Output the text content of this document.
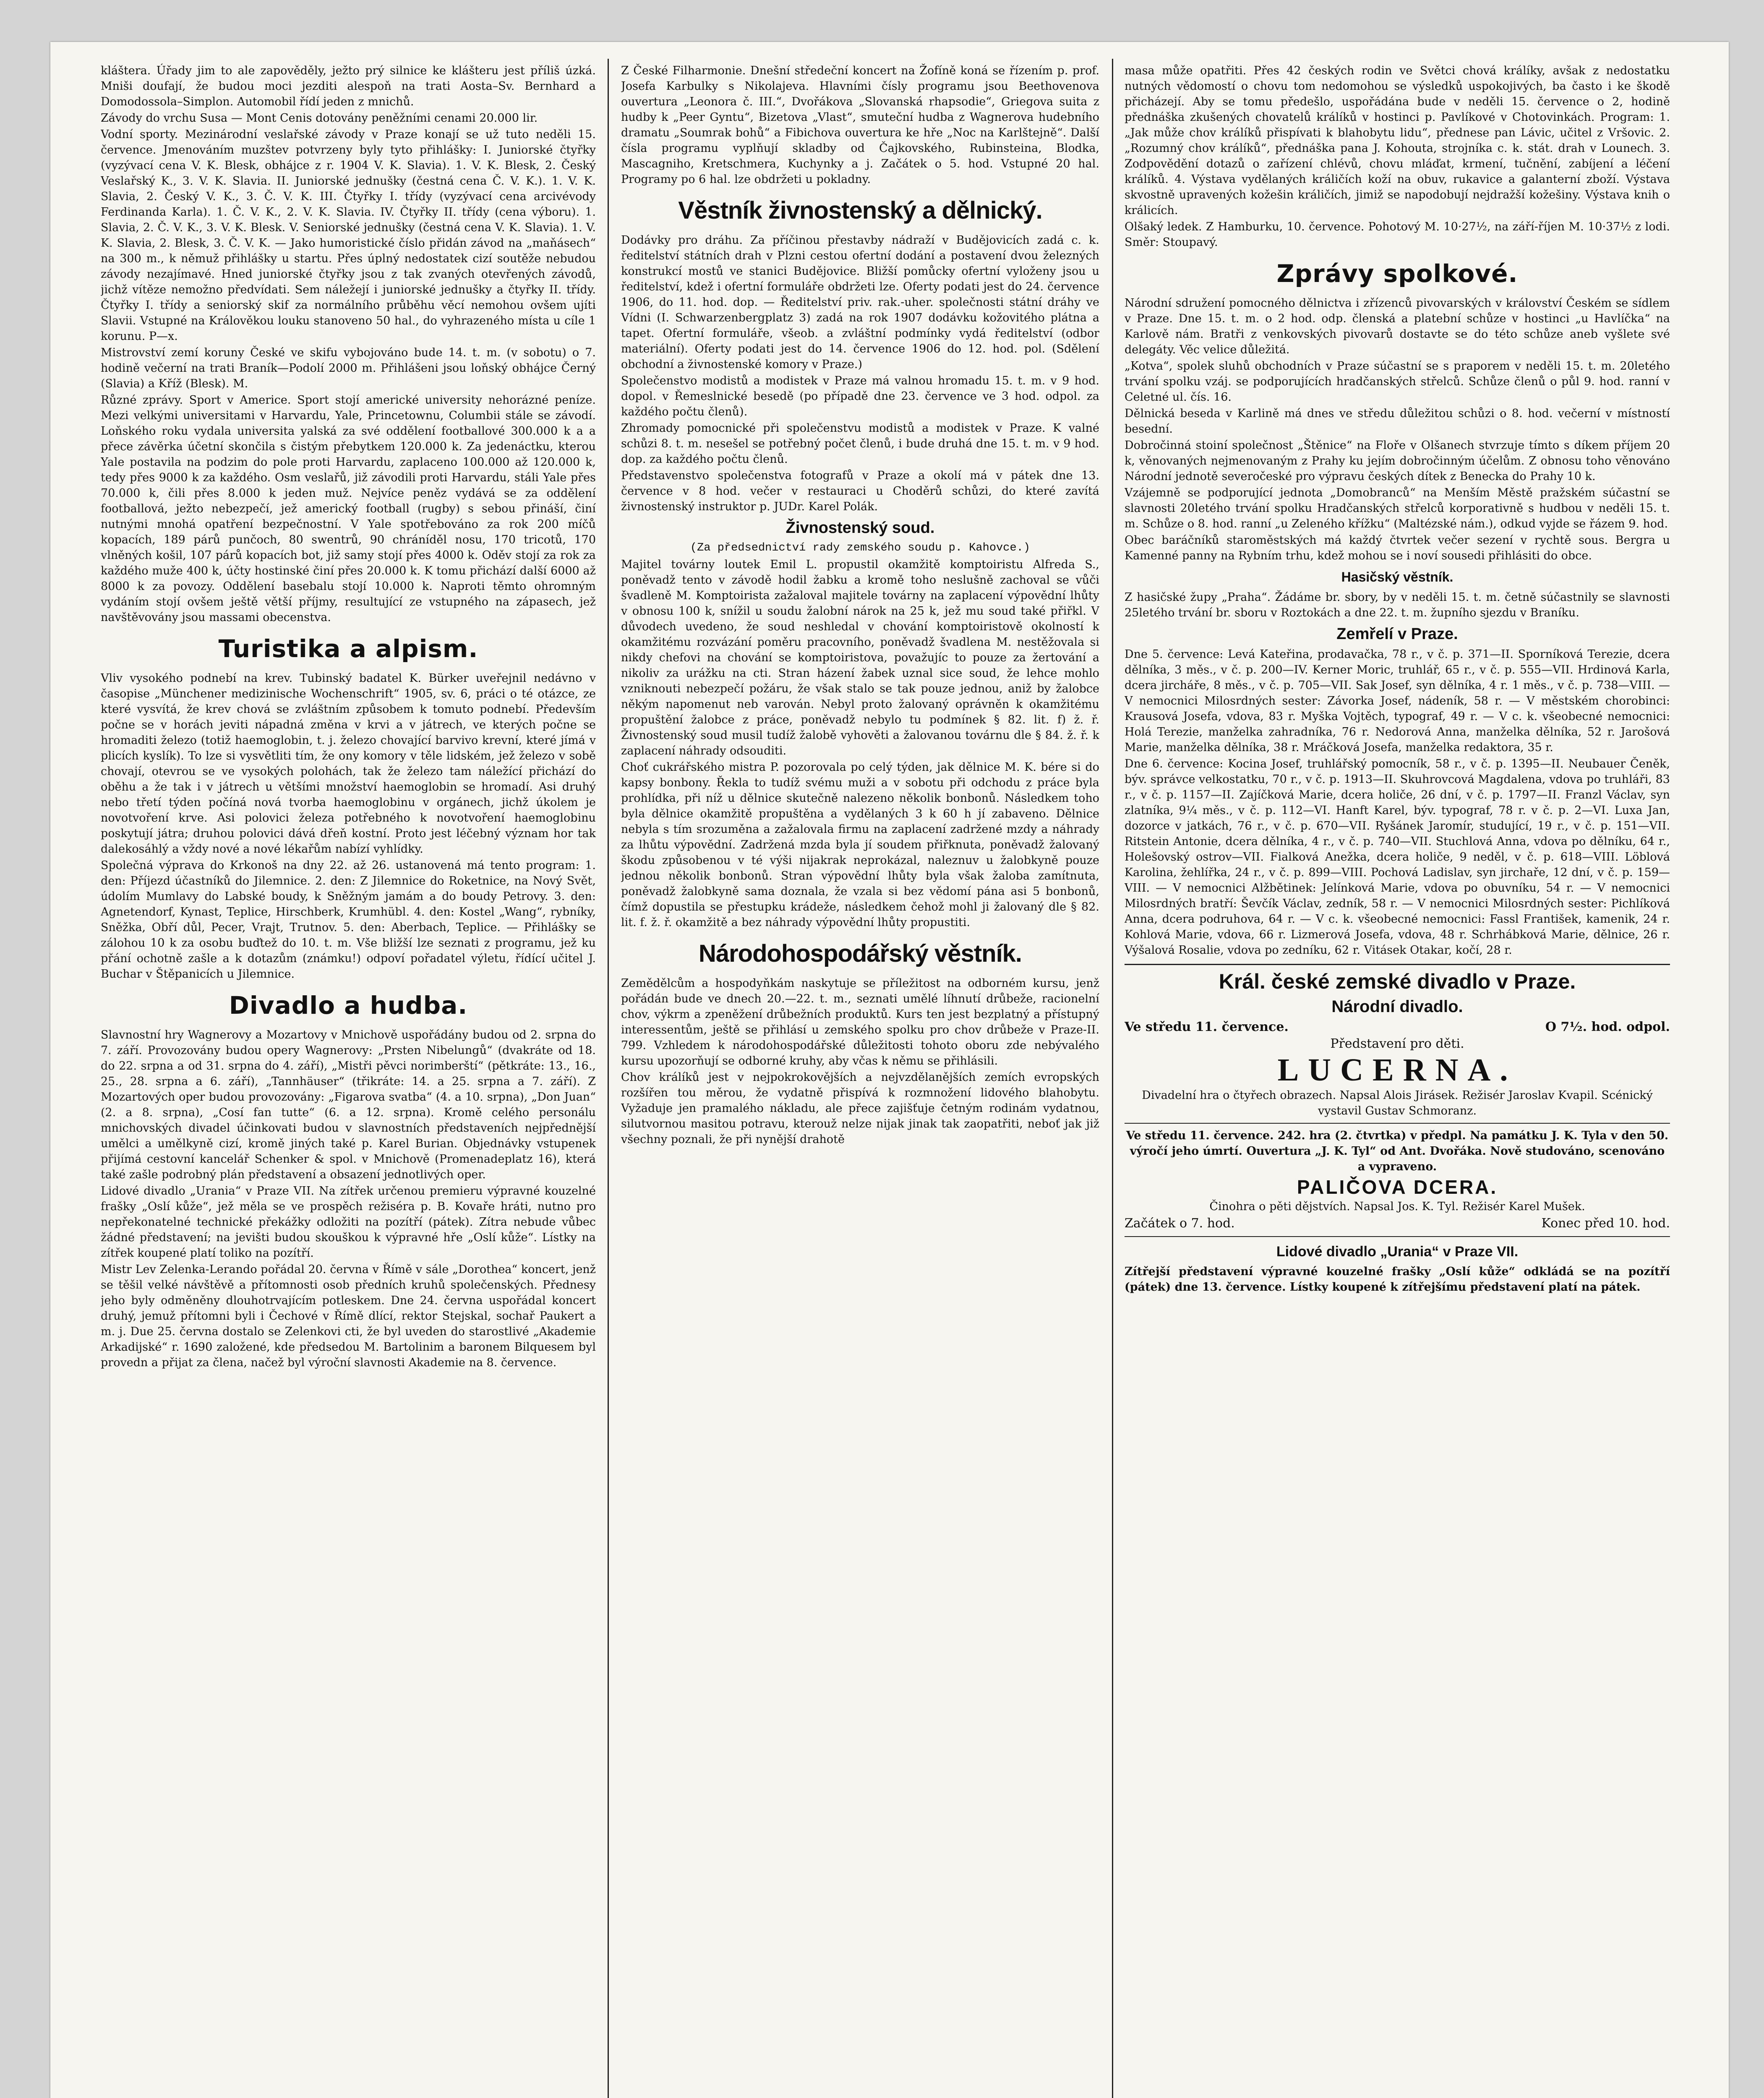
kláštera. Úřady jim to ale zapověděly, ježto prý silnice ke klášteru jest příliš úzká. Mniši doufají, že budou moci jezditi alespoň na trati Aosta–Sv. Bernhard a Domodossola–Simplon. Automobil řídí jeden z mnichů.

Závody do vrchu Susa — Mont Cenis dotovány peněžními cenami 20.000 lir.

Vodní sporty. Mezinárodní veslařské závody v Praze konají se už tuto neděli 15. července. Jmenováním muzštev potvrzeny byly tyto přihlášky: I. Juniorské čtyřky (vyzývací cena V. K. Blesk, obhájce z r. 1904 V. K. Slavia). 1. V. K. Blesk, 2. Český Veslařský K., 3. V. K. Slavia. II. Juniorské jednušky (čestná cena Č. V. K.). 1. V. K. Slavia, 2. Český V. K., 3. Č. V. K. III. Čtyřky I. třídy (vyzývací cena arcivévody Ferdinanda Karla). 1. Č. V. K., 2. V. K. Slavia. IV. Čtyřky II. třídy (cena výboru). 1. Slavia, 2. Č. V. K., 3. V. K. Blesk. V. Seniorské jednušky (čestná cena V. K. Slavia). 1. V. K. Slavia, 2. Blesk, 3. Č. V. K. — Jako humoristické číslo přidán závod na „maňásech“ na 300 m., k němuž přihlášky u startu. Přes úplný nedostatek cizí soutěže nebudou závody nezajímavé. Hned juniorské čtyřky jsou z tak zvaných otevřených závodů, jichž vítěze nemožno předvídati. Sem náležejí i juniorské jednušky a čtyřky II. třídy. Čtyřky I. třídy a seniorský skif za normálního průběhu věcí nemohou ovšem ujíti Slavii. Vstupné na Králověkou louku stanoveno 50 hal., do vyhrazeného místa u cíle 1 korunu. P—x.

Mistrovství zemí koruny České ve skifu vybojováno bude 14. t. m. (v sobotu) o 7. hodině večerní na trati Braník—Podolí 2000 m. Přihlášeni jsou loňský obhájce Černý (Slavia) a Kříž (Blesk). M.

Různé zprávy. Sport v Americe. Sport stojí americké university nehorázné peníze. Mezi velkými universitami v Harvardu, Yale, Princetownu, Columbii stále se závodí. Loňského roku vydala universita yalská za své oddělení footballové 300.000 k a a přece závěrka účetní skončila s čistým přebytkem 120.000 k. Za jedenáctku, kterou Yale postavila na podzim do pole proti Harvardu, zaplaceno 100.000 až 120.000 k, tedy přes 9000 k za každého. Osm veslařů, již závodili proti Harvardu, stáli Yale přes 70.000 k, čili přes 8.000 k jeden muž. Nejvíce peněz vydává se za oddělení footballová, ježto nebezpečí, jež americký football (rugby) s sebou přináší, činí nutnými mnohá opatření bezpečnostní. V Yale spotřebováno za rok 200 míčů kopacích, 189 párů punčoch, 80 swentrů, 90 chráníděl nosu, 170 tricotů, 170 vlněných košil, 107 párů kopacích bot, již samy stojí přes 4000 k. Oděv stojí za rok za každého muže 400 k, účty hostinské činí přes 20.000 k. K tomu přichází další 6000 až 8000 k za povozy. Oddělení basebalu stojí 10.000 k. Naproti těmto ohromným vydáním stojí ovšem ještě větší příjmy, resultující ze vstupného na zápasech, jež navštěvovány jsou massami obecenstva.

Turistika a alpism.

Vliv vysokého podnebí na krev. Tubinský badatel K. Bürker uveřejnil nedávno v časopise „Münchener medizinische Wochenschrift“ 1905, sv. 6, práci o té otázce, ze které vysvítá, že krev chová se zvláštním způsobem k tomuto podnebí. Především počne se v horách jeviti nápadná změna v krvi a v játrech, ve kterých počne se hromaditi železo (totiž haemoglobin, t. j. železo chovající barvivo krevní, které jímá v plicích kyslík). To lze si vysvětliti tím, že ony komory v těle lidském, jež železo v sobě chovají, otevrou se ve vysokých polohách, tak že železo tam náležící přichází do oběhu a že tak i v játrech u většími množství haemoglobin se hromadí. Asi druhý nebo třetí týden počíná nová tvorba haemoglobinu v orgánech, jichž úkolem je novotvoření krve. Asi polovici železa potřebného k novotvoření haemoglobinu poskytují játra; druhou polovici dává dřeň kostní. Proto jest léčebný význam hor tak dalekosáhlý a vždy nové a nové lékařům nabízí vyhlídky.

Společná výprava do Krkonoš na dny 22. až 26. ustanovená má tento program: 1. den: Příjezd účastníků do Jilemnice. 2. den: Z Jilemnice do Roketnice, na Nový Svět, údolím Mumlavy do Labské boudy, k Sněžným jamám a do boudy Petrovy. 3. den: Agnetendorf, Kynast, Teplice, Hirschberk, Krumhübl. 4. den: Kostel „Wang“, rybníky, Sněžka, Obří důl, Pecer, Vrajt, Trutnov. 5. den: Aberbach, Teplice. — Přihlášky se zálohou 10 k za osobu buďtež do 10. t. m. Vše bližší lze seznati z programu, jež ku přání ochotně zašle a k dotazům (známku!) odpoví pořadatel výletu, řídící učitel J. Buchar v Štěpanicích u Jilemnice.

Divadlo a hudba.

Slavnostní hry Wagnerovy a Mozartovy v Mnichově uspořádány budou od 2. srpna do 7. září. Provozovány budou opery Wagnerovy: „Prsten Nibelungů“ (dvakráte od 18. do 22. srpna a od 31. srpna do 4. září), „Mistři pěvci norimberští“ (pětkráte: 13., 16., 25., 28. srpna a 6. září), „Tannhäuser“ (třikráte: 14. a 25. srpna a 7. září). Z Mozartových oper budou provozovány: „Figarova svatba“ (4. a 10. srpna), „Don Juan“ (2. a 8. srpna), „Cosí fan tutte“ (6. a 12. srpna). Kromě celého personálu mnichovských divadel účinkovati budou v slavnostních představeních nejpřednější umělci a umělkyně cizí, kromě jiných také p. Karel Burian. Objednávky vstupenek přijímá cestovní kancelář Schenker & spol. v Mnichově (Promenadeplatz 16), která také zašle podrobný plán představení a obsazení jednotlivých oper.

Lidové divadlo „Urania“ v Praze VII. Na zítřek určenou premieru výpravné kouzelné frašky „Oslí kůže“, jež měla se ve prospěch režiséra p. B. Kovaře hráti, nutno pro nepřekonatelné technické překážky odložiti na pozítří (pátek). Zítra nebude vůbec žádné představení; na jevišti budou skouškou k výpravné hře „Oslí kůže“. Lístky na zítřek koupené platí toliko na pozítří.

Mistr Lev Zelenka-Lerando pořádal 20. června v Římě v sále „Dorothea“ koncert, jenž se těšil velké návštěvě a přítomnosti osob předních kruhů společenských. Přednesy jeho byly odměněny dlouhotrvajícím potleskem. Dne 24. června uspořádal koncert druhý, jemuž přítomni byli i Čechové v Římě dlící, rektor Stejskal, sochař Paukert a m. j. Due 25. června dostalo se Zelenkovi cti, že byl uveden do starostlivé „Akademie Arkadijské“ r. 1690 založené, kde předsedou M. Bartolinim a baronem Bilquesem byl provedn a přijat za člena, načež byl výroční slavnosti Akademie na 8. července.

Z České Filharmonie. Dnešní středeční koncert na Žofíně koná se řízením p. prof. Josefa Karbulky s Nikolajeva. Hlavními čísly programu jsou Beethovenova ouvertura „Leonora č. III.“, Dvořákova „Slovanská rhapsodie“, Griegova suita z hudby k „Peer Gyntu“, Bizetova „Vlast“, smuteční hudba z Wagnerova hudebního dramatu „Soumrak bohů“ a Fibichova ouvertura ke hře „Noc na Karlštejně“. Další čísla programu vyplňují skladby od Čajkovského, Rubinsteina, Blodka, Mascagniho, Kretschmera, Kuchynky a j. Začátek o 5. hod. Vstupné 20 hal. Programy po 6 hal. lze obdržeti u pokladny.

Věstník živnostenský a dělnický.

Dodávky pro dráhu. Za příčinou přestavby nádraží v Budějovicích zadá c. k. ředitelství státních drah v Plzni cestou ofertní dodání a postavení dvou železných konstrukcí mostů ve stanici Budějovice. Bližší pomůcky ofertní vyloženy jsou u ředitelství, kdež i ofertní formuláře obdržeti lze. Oferty podati jest do 24. července 1906, do 11. hod. dop. — Ředitelství priv. rak.-uher. společnosti státní dráhy ve Vídni (I. Schwarzenbergplatz 3) zadá na rok 1907 dodávku kožovitého plátna a tapet. Ofertní formuláře, všeob. a zvláštní podmínky vydá ředitelství (odbor materiální). Oferty podati jest do 14. července 1906 do 12. hod. pol. (Sdělení obchodní a živnostenské komory v Praze.)

Společenstvo modistů a modistek v Praze má valnou hromadu 15. t. m. v 9 hod. dopol. v Řemeslnické besedě (po případě dne 23. července ve 3 hod. odpol. za každého počtu členů).

Zhromady pomocnické při společenstvu modistů a modistek v Praze. K valné schůzi 8. t. m. nesešel se potřebný počet členů, i bude druhá dne 15. t. m. v 9 hod. dop. za každého počtu členů.

Představenstvo společenstva fotografů v Praze a okolí má v pátek dne 13. července v 8 hod. večer v restauraci u Choděrů schůzi, do které zavítá živnostenský instruktor p. JUDr. Karel Polák.

Živnostenský soud.

(Za předsednictví rady zemského soudu p. Kahovce.)

Majitel továrny loutek Emil L. propustil okamžitě komptoiristu Alfreda S., poněvadž tento v závodě hodil žabku a kromě toho neslušně zachoval se vůči švadleně M. Komptoirista zažaloval majitele továrny na zaplacení výpovědní lhůty v obnosu 100 k, snížil u soudu žalobní nárok na 25 k, jež mu soud také přiřkl. V důvodech uvedeno, že soud neshledal v chování komptoiristově okolností k okamžitému rozvázání poměru pracovního, poněvadž švadlena M. nestěžovala si nikdy chefovi na chování se komptoiristova, považujíc to pouze za žertování a nikoliv za urážku na cti. Stran házení žabek uznal sice soud, že lehce mohlo vzniknouti nebezpečí požáru, že však stalo se tak pouze jednou, aniž by žalobce někým napomenut neb varován. Nebyl proto žalovaný oprávněn k okamžitému propuštění žalobce z práce, poněvadž nebylo tu podmínek § 82. lit. f) ž. ř. Živnostenský soud musil tudíž žalobě vyhověti a žalovanou továrnu dle § 84. ž. ř. k zaplacení náhrady odsouditi.

Choť cukrářského mistra P. pozorovala po celý týden, jak dělnice M. K. bére si do kapsy bonbony. Řekla to tudíž svému muži a v sobotu při odchodu z práce byla prohlídka, při níž u dělnice skutečně nalezeno několik bonbonů. Následkem toho byla dělnice okamžitě propuštěna a vydělaných 3 k 60 h jí zabaveno. Dělnice nebyla s tím srozuměna a zažalovala firmu na zaplacení zadržené mzdy a náhrady za lhůtu výpovědní. Zadržená mzda byla jí soudem přiřknuta, poněvadž žalovaný škodu způsobenou v té výši nijakrak neprokázal, naleznuv u žalobkyně pouze jednou několik bonbonů. Stran výpovědní lhůty byla však žaloba zamítnuta, poněvadž žalobkyně sama doznala, že vzala si bez vědomí pána asi 5 bonbonů, čímž dopustila se přestupku krádeže, následkem čehož mohl ji žalovaný dle § 82. lit. f. ž. ř. okamžitě a bez náhrady výpovědní lhůty propustiti.

Národohospodářský věstník.

Zemědělcům a hospodyňkám naskytuje se příležitost na odborném kursu, jenž pořádán bude ve dnech 20.—22. t. m., seznati umělé líhnutí drůbeže, racionelní chov, výkrm a zpeněžení drůbežních produktů. Kurs ten jest bezplatný a přístupný interessentům, ještě se přihlásí u zemského spolku pro chov drůbeže v Praze-II. 799. Vzhledem k národohospodářské důležitosti tohoto oboru zde nebývalého kursu upozorňují se odborné kruhy, aby včas k němu se přihlásili.

Chov králíků jest v nejpokrokovějších a nejvzdělanějších zemích evropských rozšířen tou měrou, že vydatně přispívá k rozmnožení lidového blahobytu. Vyžaduje jen pramalého nákladu, ale přece zajišťuje četným rodinám vydatnou, silutvornou masitou potravu, kterouž nelze nijak jinak tak zaopatřiti, neboť jak již všechny poznali, že při nynější drahotě

masa může opatřiti. Přes 42 českých rodin ve Světci chová králíky, avšak z nedostatku nutných vědomostí o chovu tom nedomohou se výsledků uspokojivých, ba často i ke škodě přicházejí. Aby se tomu předešlo, uspořádána bude v neděli 15. července o 2, hodině přednáška zkušených chovatelů králíků v hostinci p. Pavlíkové v Chotovinkách. Program: 1. „Jak může chov králíků přispívati k blahobytu lidu“, přednese pan Lávic, učitel z Vršovic. 2. „Rozumný chov králíků“, přednáška pana J. Kohouta, strojníka c. k. stát. drah v Lounech. 3. Zodpovědění dotazů o zařízení chlévů, chovu mláďat, krmení, tučnění, zabíjení a léčení králíků. 4. Výstava vydělaných králičích koží na obuv, rukavice a galanterní zboží. Výstava skvostně upravených kožešin králičích, jimiž se napodobují nejdražší kožešiny. Výstava knih o králicích.

Olšaký ledek. Z Hamburku, 10. července. Pohotový M. 10·27½, na září-říjen M. 10·37½ z lodi. Směr: Stoupavý.

Zprávy spolkové.

Národní sdružení pomocného dělnictva i zřízenců pivovarských v království Českém se sídlem v Praze. Dne 15. t. m. o 2 hod. odp. členská a platební schůze v hostinci „u Havlíčka“ na Karlově nám. Bratři z venkovských pivovarů dostavte se do této schůze aneb vyšlete své delegáty. Věc velice důležitá.

„Kotva“, spolek sluhů obchodních v Praze súčastní se s praporem v neděli 15. t. m. 20letého trvání spolku vzáj. se podporujících hradčanských střelců. Schůze členů o půl 9. hod. ranní v Celetné ul. čís. 16.

Dělnická beseda v Karlině má dnes ve středu důležitou schůzi o 8. hod. večerní v místností besední.

Dobročinná stoiní společnost „Štěnice“ na Floře v Olšanech stvrzuje tímto s díkem příjem 20 k, věnovaných nejmenovaným z Prahy ku jejím dobročinným účelům. Z obnosu toho věnováno Národní jednotě severočeské pro výpravu českých dítek z Benecka do Prahy 10 k.

Vzájemně se podporující jednota „Domobranců“ na Menším Městě pražském súčastní se slavnosti 20letého trvání spolku Hradčanských střelců korporativně s hudbou v neděli 15. t. m. Schůze o 8. hod. ranní „u Zeleného křížku“ (Maltézské nám.), odkud vyjde se řázem 9. hod.

Obec baráčníků staroměstských má každý čtvrtek večer sezení v rychtě sous. Bergra u Kamenné panny na Rybním trhu, kdež mohou se i noví sousedi přihlásiti do obce.

Hasičský věstník.

Z hasičské župy „Praha“. Žádáme br. sbory, by v neděli 15. t. m. četně súčastnily se slavnosti 25letého trvání br. sboru v Roztokách a dne 22. t. m. župního sjezdu v Braníku.

Zemřelí v Praze.

Dne 5. července: Levá Kateřina, prodavačka, 78 r., v č. p. 371—II. Sporníková Terezie, dcera dělníka, 3 měs., v č. p. 200—IV. Kerner Moric, truhlář, 65 r., v č. p. 555—VII. Hrdinová Karla, dcera jircháře, 8 měs., v č. p. 705—VII. Sak Josef, syn dělníka, 4 r. 1 měs., v č. p. 738—VIII. — V nemocnici Milosrdných sester: Závorka Josef, nádeník, 58 r. — V městském chorobinci: Krausová Josefa, vdova, 83 r. Myška Vojtěch, typograf, 49 r. — V c. k. všeobecné nemocnici: Holá Terezie, manželka zahradníka, 76 r. Nedorová Anna, manželka dělníka, 52 r. Jarošová Marie, manželka dělníka, 38 r. Mráčková Josefa, manželka redaktora, 35 r.

Dne 6. července: Kocina Josef, truhlářský pomocník, 58 r., v č. p. 1395—II. Neubauer Čeněk, býv. správce velkostatku, 70 r., v č. p. 1913—II. Skuhrovcová Magdalena, vdova po truhláři, 83 r., v č. p. 1157—II. Zajíčková Marie, dcera holiče, 26 dní, v č. p. 1797—II. Franzl Václav, syn zlatníka, 9¼ měs., v č. p. 112—VI. Hanft Karel, býv. typograf, 78 r. v č. p. 2—VI. Luxa Jan, dozorce v jatkách, 76 r., v č. p. 670—VII. Ryšánek Jaromír, studující, 19 r., v č. p. 151—VII. Ritstein Antonie, dcera dělníka, 4 r., v č. p. 740—VII. Stuchlová Anna, vdova po dělníku, 64 r., Holešovský ostrov—VII. Fialková Anežka, dcera holiče, 9 neděl, v č. p. 618—VIII. Löblová Karolina, žehlířka, 24 r., v č. p. 899—VIII. Pochová Ladislav, syn jirchaře, 12 dní, v č. p. 159—VIII. — V nemocnici Alžbětinek: Jelínková Marie, vdova po obuvníku, 54 r. — V nemocnici Milosrdných bratří: Ševčík Václav, zedník, 58 r. — V nemocnici Milosrdných sester: Pichlíková Anna, dcera podruhova, 64 r. — V c. k. všeobecné nemocnici: Fassl František, kamenik, 24 r. Kohlová Marie, vdova, 66 r. Lizmerová Josefa, vdova, 48 r. Schrhábková Marie, dělnice, 26 r. Výšalová Rosalie, vdova po zedníku, 62 r. Vitásek Otakar, kočí, 28 r.

Král. české zemské divadlo v Praze.
Národní divadlo.
Ve středu 11. července.	O 7½. hod. odpol.
Představení pro děti.
LUCERNA.

Divadelní hra o čtyřech obrazech. Napsal Alois Jirásek. Režisér Jaroslav Kvapil. Scénický vystavil Gustav Schmoranz.

Ve středu 11. července. 242. hra (2. čtvrtka) v předpl. Na památku J. K. Tyla v den 50. výročí jeho úmrtí. Ouvertura „J. K. Tyl“ od Ant. Dvořáka. Nově studováno, scenováno a vypraveno.

PALIČOVA DCERA.

Činohra o pěti dějstvích. Napsal Jos. K. Tyl. Režisér Karel Mušek.

Začátek o 7. hod.	Konec před 10. hod.
Lidové divadlo „Urania“ v Praze VII.

Zítřejší představení výpravné kouzelné frašky „Oslí kůže“ odkládá se na pozítří (pátek) dne 13. července. Lístky koupené k zítřejšímu představení platí na pátek.
